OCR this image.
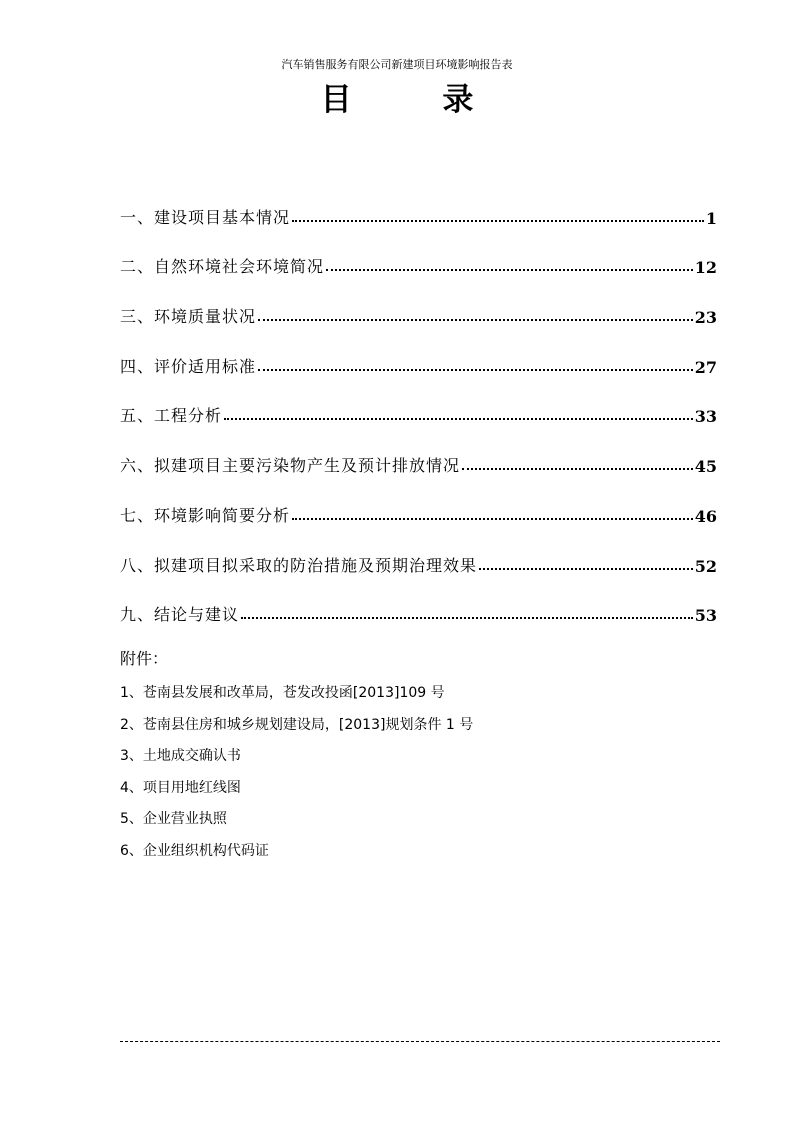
汽车销售服务有限公司新建项目环境影响报告表
目 录
一、建设项目基本情况	1
二、自然环境社会环境简况	12
三、环境质量状况	23
四、评价适用标准	27
五、工程分析	33
六、拟建项目主要污染物产生及预计排放情况	45
七、环境影响简要分析	46
八、拟建项目拟采取的防治措施及预期治理效果	52
九、结论与建议	53
附件：
1、苍南县发展和改革局，苍发改投函[2013]109 号
2、苍南县住房和城乡规划建设局，[2013]规划条件 1 号
3、土地成交确认书
4、项目用地红线图
5、企业营业执照
6、企业组织机构代码证
